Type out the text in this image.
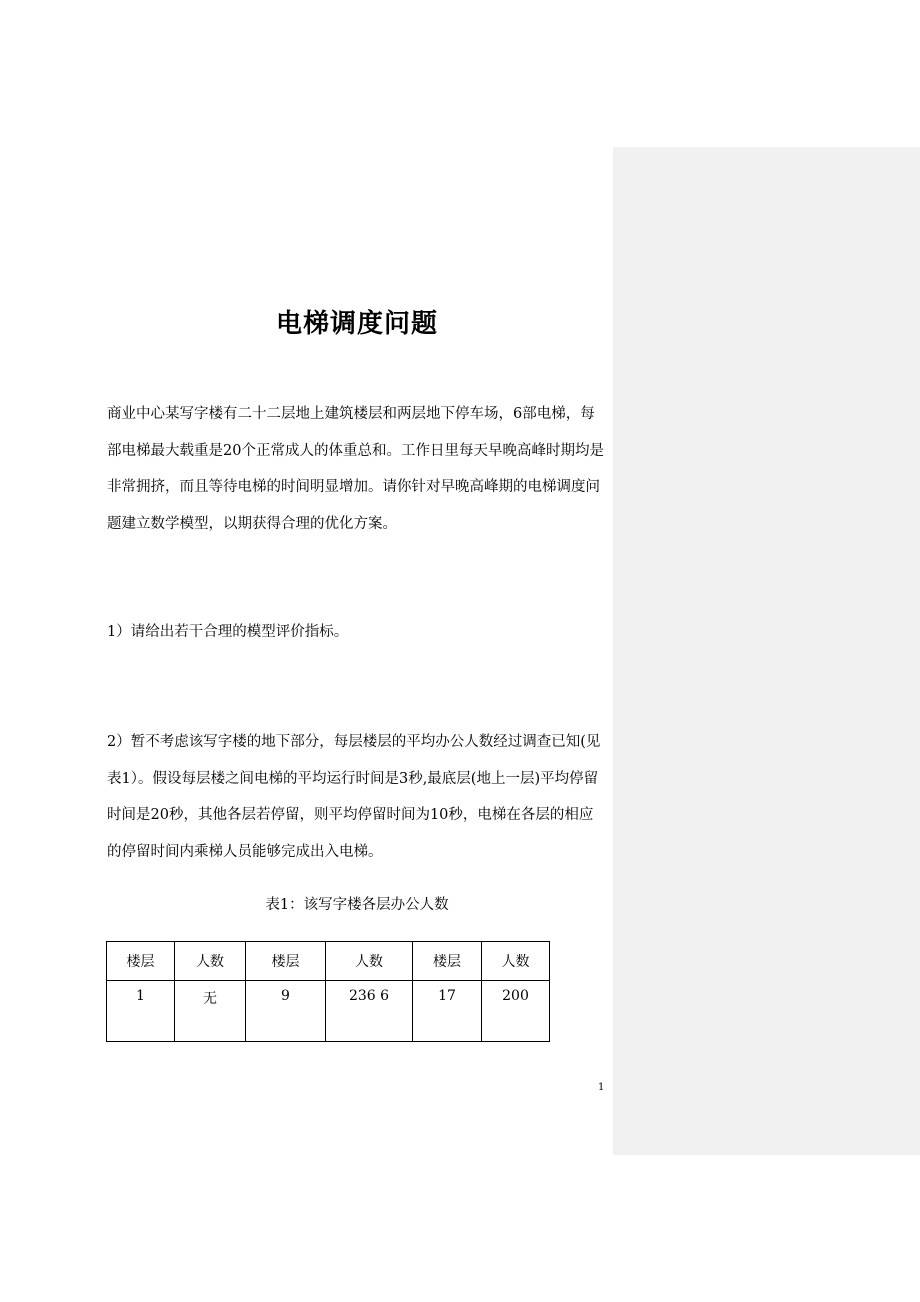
电梯调度问题

商业中心某写字楼有二十二层地上建筑楼层和两层地下停车场，6部电梯，每部电梯最大载重是20个正常成人的体重总和。工作日里每天早晚高峰时期均是非常拥挤，而且等待电梯的时间明显增加。请你针对早晚高峰期的电梯调度问题建立数学模型，以期获得合理的优化方案。

1）请给出若干合理的模型评价指标。

2）暂不考虑该写字楼的地下部分，每层楼层的平均办公人数经过调查已知(见表1）。假设每层楼之间电梯的平均运行时间是3秒,最底层(地上一层)平均停留时间是20秒，其他各层若停留，则平均停留时间为10秒，电梯在各层的相应的停留时间内乘梯人员能够完成出入电梯。

表1：该写字楼各层办公人数
楼层	人数	楼层	人数	楼层	人数
1	无	9	236 6	17	200
1
